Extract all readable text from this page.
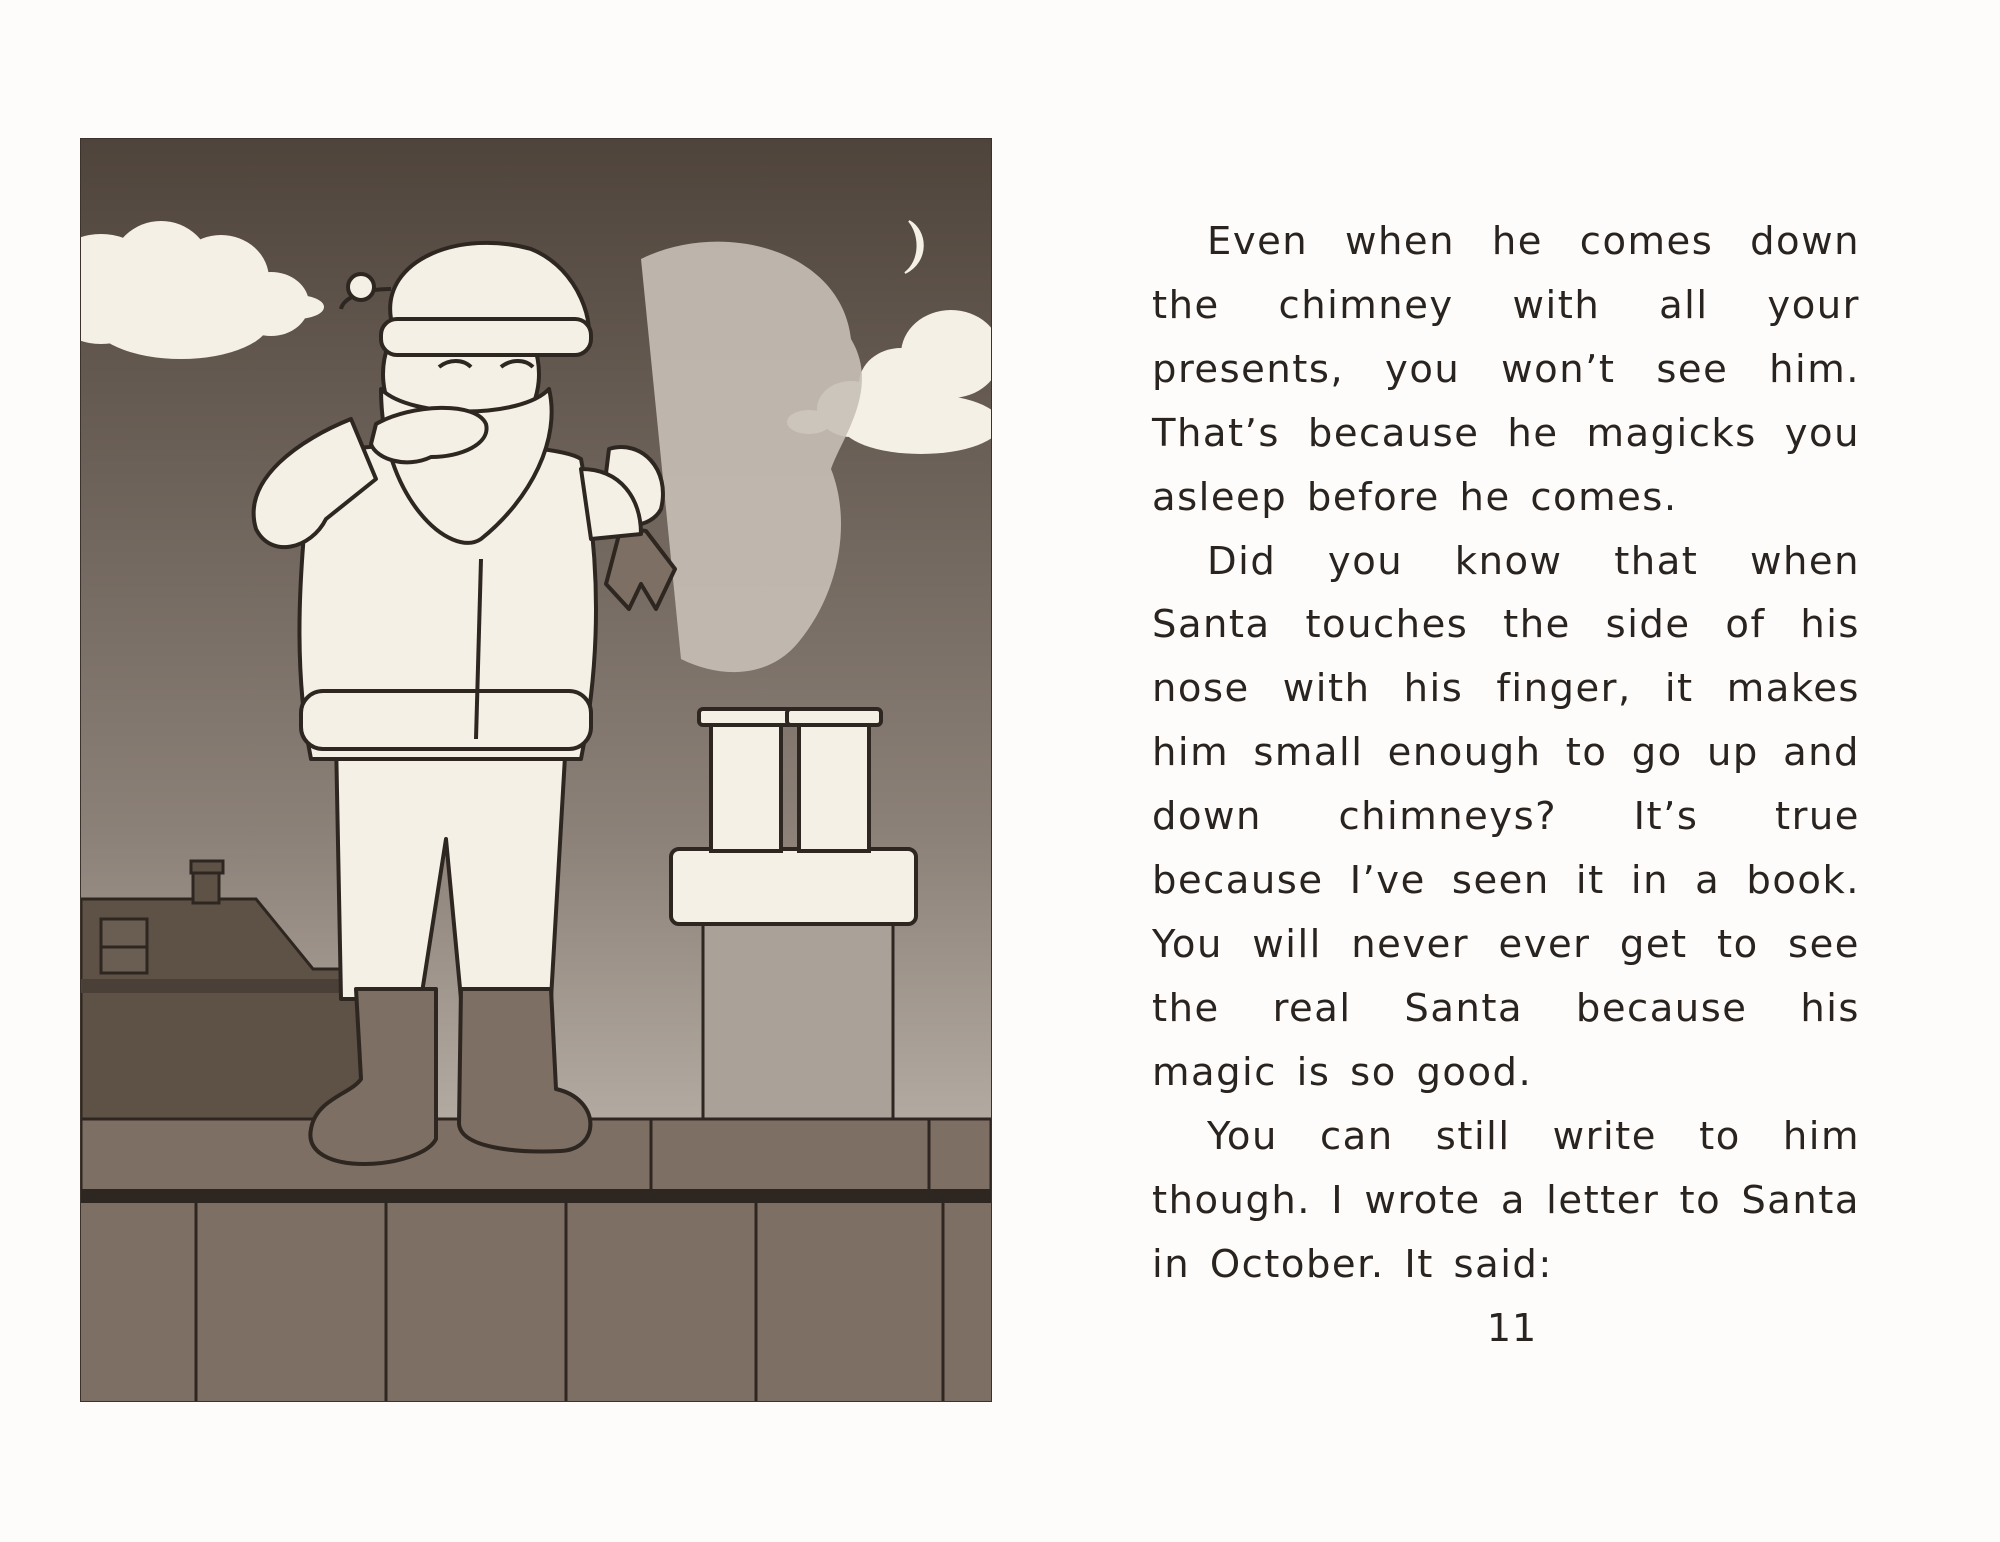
Even when he comes down the chimney with all your presents, you won’t see him. That’s because he magicks you asleep before he comes.

Did you know that when Santa touches the side of his nose with his finger, it makes him small enough to go up and down chimneys? It’s true because I’ve seen it in a book. You will never ever get to see the real Santa because his magic is so good.

You can still write to him though. I wrote a letter to Santa in October. It said:

11
